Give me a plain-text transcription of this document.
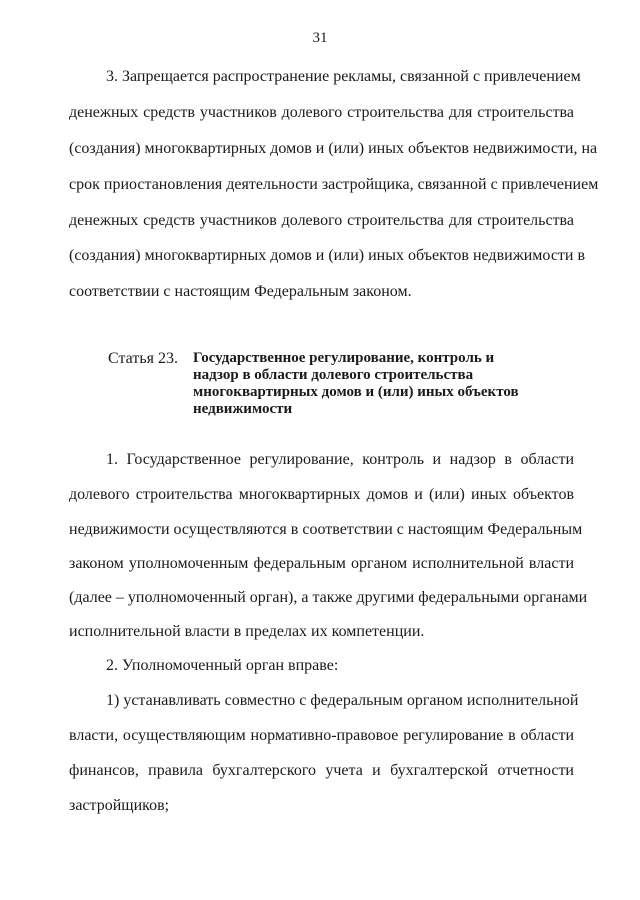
31
3. Запрещается распространение рекламы, связанной с привлечением
денежных средств участников долевого строительства для строительства
(создания) многоквартирных домов и (или) иных объектов недвижимости, на
срок приостановления деятельности застройщика, связанной с привлечением
денежных средств участников долевого строительства для строительства
(создания) многоквартирных домов и (или) иных объектов недвижимости в
соответствии с настоящим Федеральным законом.
Статья 23. Государственное регулирование, контроль и
надзор в области долевого строительства
многоквартирных домов и (или) иных объектов
недвижимости
1. Государственное регулирование, контроль и надзор в области
долевого строительства многоквартирных домов и (или) иных объектов
недвижимости осуществляются в соответствии с настоящим Федеральным
законом уполномоченным федеральным органом исполнительной власти
(далее – уполномоченный орган), а также другими федеральными органами
исполнительной власти в пределах их компетенции.
2. Уполномоченный орган вправе:
1) устанавливать совместно с федеральным органом исполнительной
власти, осуществляющим нормативно-правовое регулирование в области
финансов, правила бухгалтерского учета и бухгалтерской отчетности
застройщиков;
